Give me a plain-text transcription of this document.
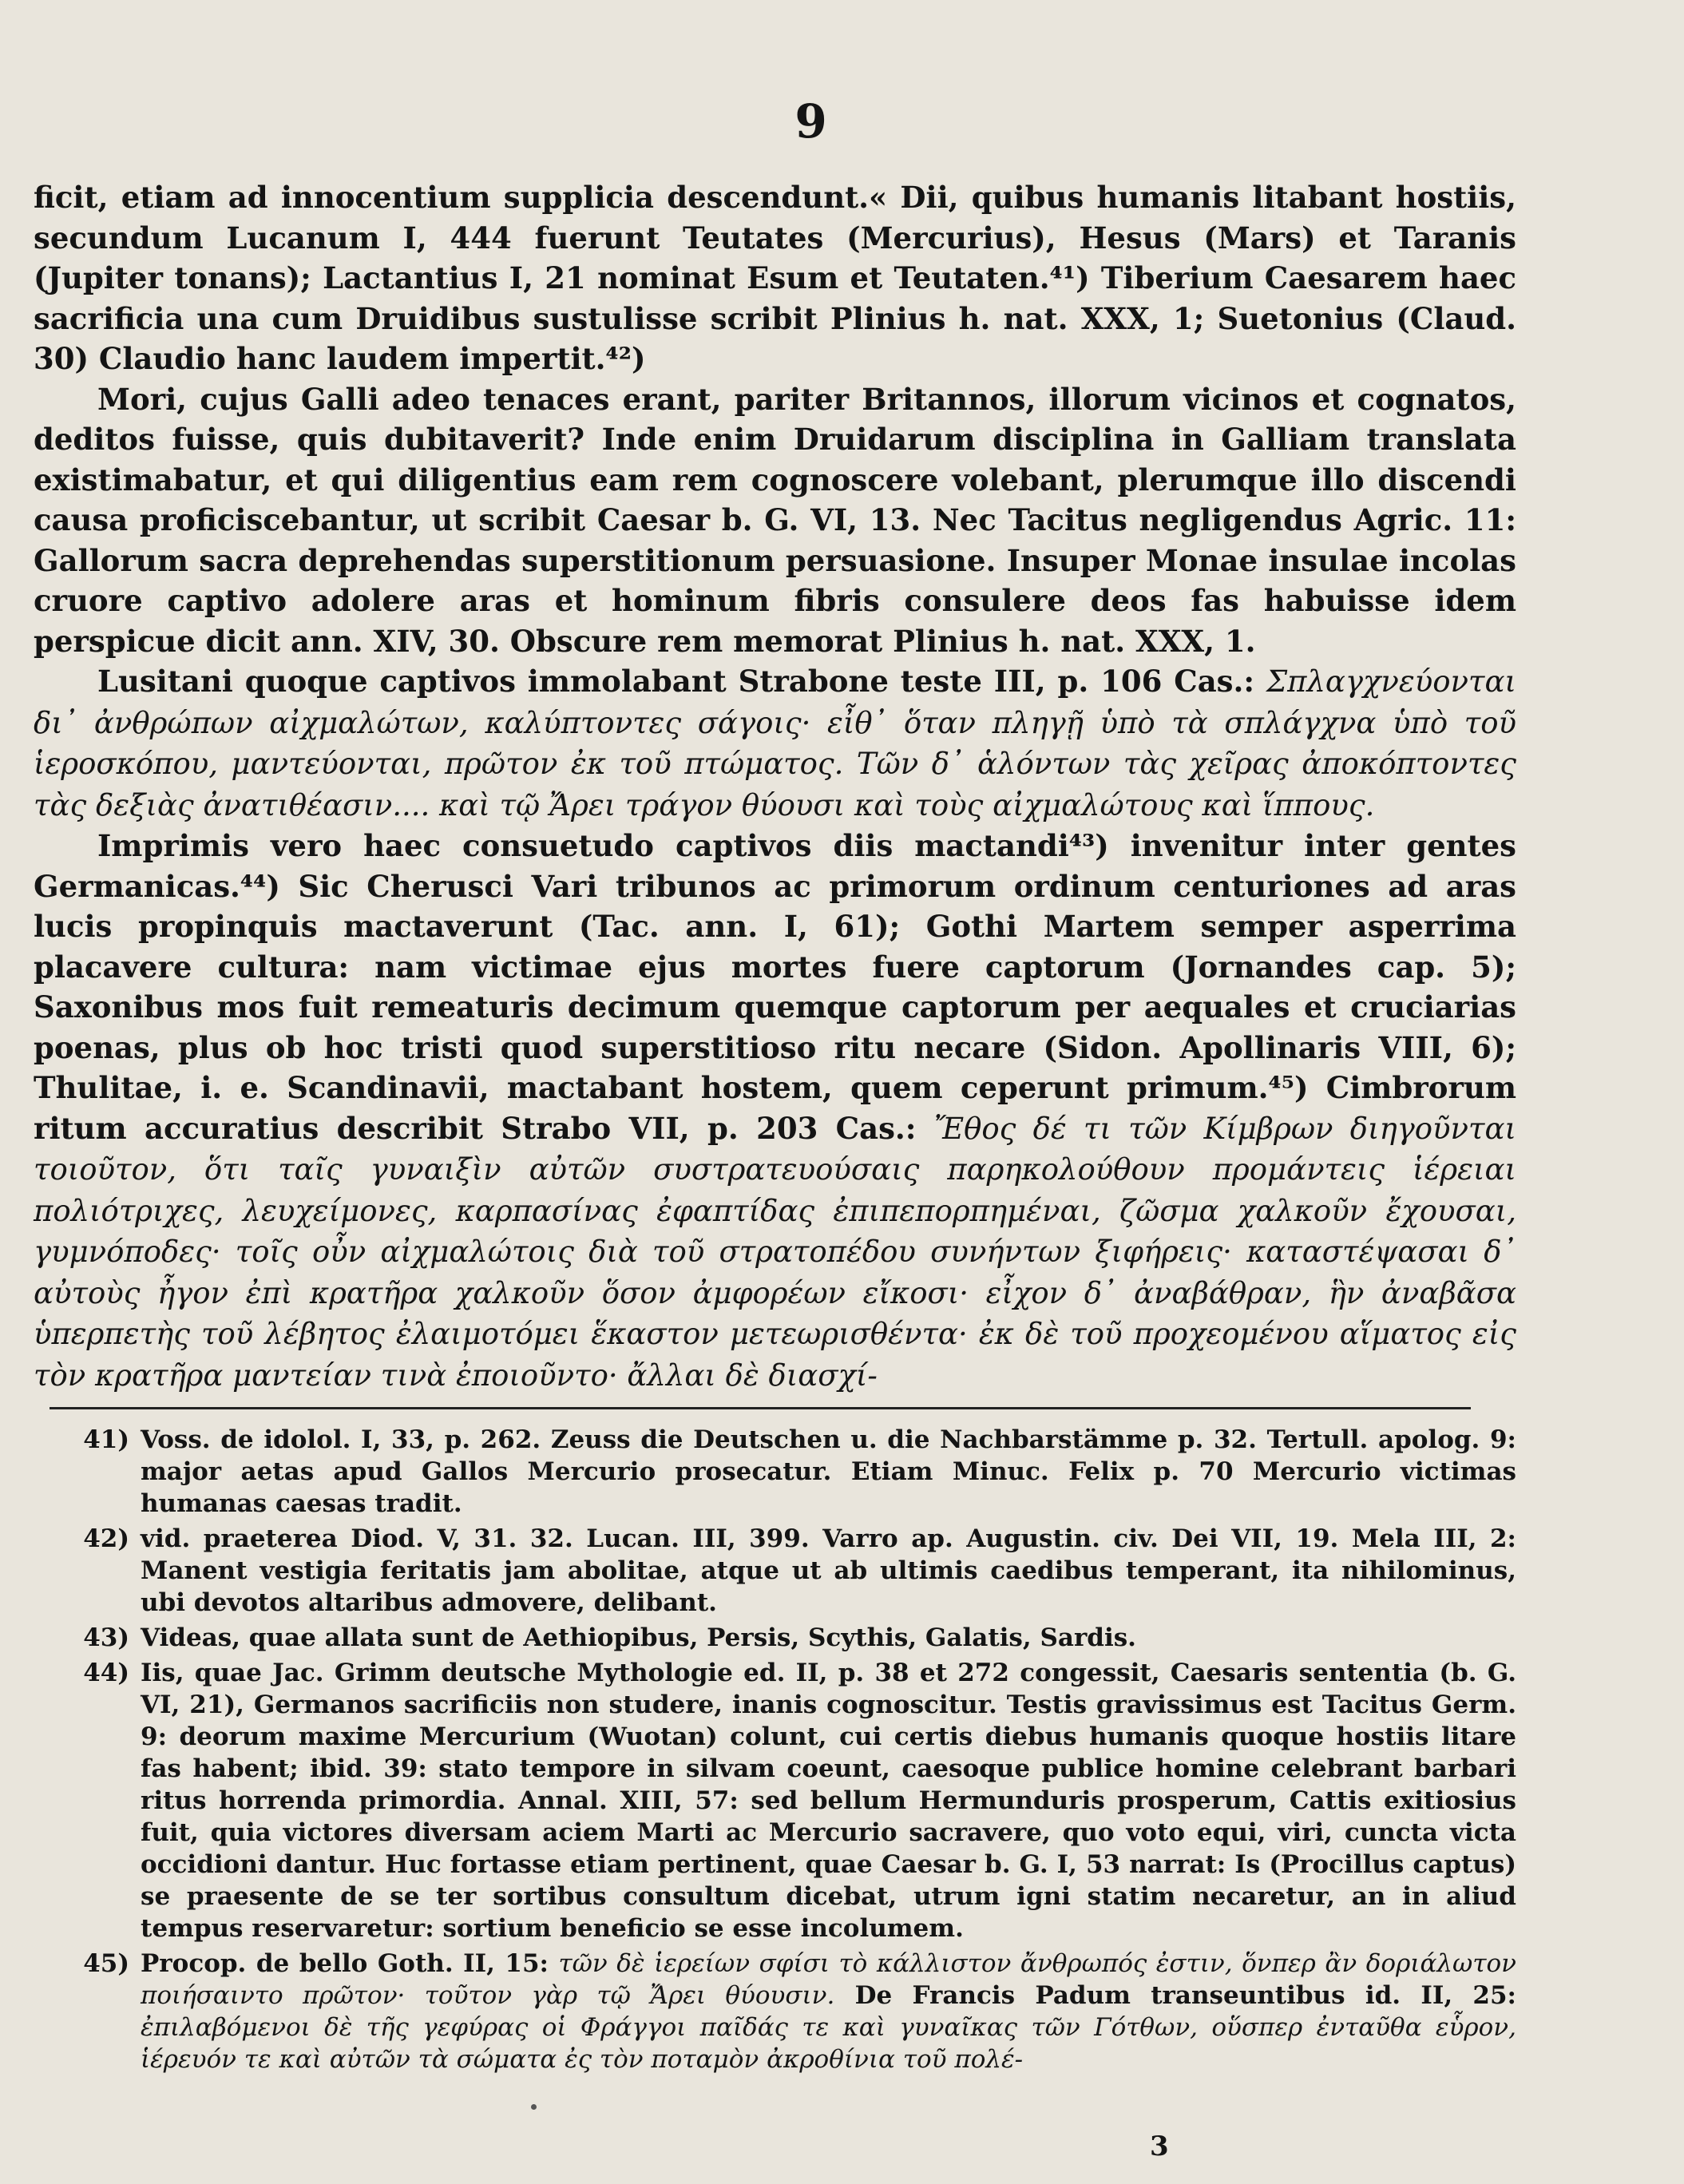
9

ficit, etiam ad innocentium supplicia descendunt.« Dii, quibus humanis litabant hostiis, secundum Lucanum I, 444 fuerunt Teutates (Mercurius), Hesus (Mars) et Taranis (Jupiter tonans); Lactantius I, 21 nominat Esum et Teutaten.⁴¹) Tiberium Caesarem haec sacrificia una cum Druidibus sustulisse scribit Plinius h. nat. XXX, 1; Suetonius (Claud. 30) Claudio hanc laudem impertit.⁴²)

Mori, cujus Galli adeo tenaces erant, pariter Britannos, illorum vicinos et cognatos, deditos fuisse, quis dubitaverit? Inde enim Druidarum disciplina in Galliam translata existimabatur, et qui diligentius eam rem cognoscere volebant, plerumque illo discendi causa proficiscebantur, ut scribit Caesar b. G. VI, 13. Nec Tacitus negligendus Agric. 11: Gallorum sacra deprehendas superstitionum persuasione. Insuper Monae insulae incolas cruore captivo adolere aras et hominum fibris consulere deos fas habuisse idem perspicue dicit ann. XIV, 30. Obscure rem memorat Plinius h. nat. XXX, 1.

Lusitani quoque captivos immolabant Strabone teste III, p. 106 Cas.: Σπλαγχνεύονται δι᾽ ἀνθρώπων αἰχμαλώτων, καλύπτοντες σάγοις· εἶθ᾽ ὅταν πληγῇ ὑπὸ τὰ σπλάγχνα ὑπὸ τοῦ ἱεροσκόπου, μαντεύονται, πρῶτον ἐκ τοῦ πτώματος. Τῶν δ᾽ ἁλόντων τὰς χεῖρας ἀποκόπτοντες τὰς δεξιὰς ἀνατιθέασιν.... καὶ τῷ Ἄρει τράγον θύουσι καὶ τοὺς αἰχμαλώτους καὶ ἵππους.

Imprimis vero haec consuetudo captivos diis mactandi⁴³) invenitur inter gentes Germanicas.⁴⁴) Sic Cherusci Vari tribunos ac primorum ordinum centuriones ad aras lucis propinquis mactaverunt (Tac. ann. I, 61); Gothi Martem semper asperrima placavere cultura: nam victimae ejus mortes fuere captorum (Jornandes cap. 5); Saxonibus mos fuit remeaturis decimum quemque captorum per aequales et cruciarias poenas, plus ob hoc tristi quod superstitioso ritu necare (Sidon. Apollinaris VIII, 6); Thulitae, i. e. Scandinavii, mactabant hostem, quem ceperunt primum.⁴⁵) Cimbrorum ritum accuratius describit Strabo VII, p. 203 Cas.: Ἔθος δέ τι τῶν Κίμβρων διηγοῦνται τοιοῦτον, ὅτι ταῖς γυναιξὶν αὐτῶν συστρατευούσαις παρηκολούθουν προμάντεις ἱέρειαι πολιότριχες, λευχείμονες, καρπασίνας ἐφαπτίδας ἐπιπεπορπημέναι, ζῶσμα χαλκοῦν ἔχουσαι, γυμνόποδες· τοῖς οὖν αἰχμαλώτοις διὰ τοῦ στρατοπέδου συνήντων ξιφήρεις· καταστέψασαι δ᾽ αὐτοὺς ἦγον ἐπὶ κρατῆρα χαλκοῦν ὅσον ἀμφορέων εἴκοσι· εἶχον δ᾽ ἀναβάθραν, ἣν ἀναβᾶσα ὑπερπετὴς τοῦ λέβητος ἐλαιμοτόμει ἕκαστον μετεωρισθέντα· ἐκ δὲ τοῦ προχεομένου αἵματος εἰς τὸν κρατῆρα μαντείαν τινὰ ἐποιοῦντο· ἄλλαι δὲ διασχί-

41) Voss. de idolol. I, 33, p. 262. Zeuss die Deutschen u. die Nachbarstämme p. 32. Tertull. apolog. 9: major aetas apud Gallos Mercurio prosecatur. Etiam Minuc. Felix p. 70 Mercurio victimas humanas caesas tradit.
42) vid. praeterea Diod. V, 31. 32. Lucan. III, 399. Varro ap. Augustin. civ. Dei VII, 19. Mela III, 2: Manent vestigia feritatis jam abolitae, atque ut ab ultimis caedibus temperant, ita nihilominus, ubi devotos altaribus admovere, delibant.
43) Videas, quae allata sunt de Aethiopibus, Persis, Scythis, Galatis, Sardis.
44) Iis, quae Jac. Grimm deutsche Mythologie ed. II, p. 38 et 272 congessit, Caesaris sententia (b. G. VI, 21), Germanos sacrificiis non studere, inanis cognoscitur. Testis gravissimus est Tacitus Germ. 9: deorum maxime Mercurium (Wuotan) colunt, cui certis diebus humanis quoque hostiis litare fas habent; ibid. 39: stato tempore in silvam coeunt, caesoque publice homine celebrant barbari ritus horrenda primordia. Annal. XIII, 57: sed bellum Hermunduris prosperum, Cattis exitiosius fuit, quia victores diversam aciem Marti ac Mercurio sacravere, quo voto equi, viri, cuncta victa occidioni dantur. Huc fortasse etiam pertinent, quae Caesar b. G. I, 53 narrat: Is (Procillus captus) se praesente de se ter sortibus consultum dicebat, utrum igni statim necaretur, an in aliud tempus reservaretur: sortium beneficio se esse incolumem.
45) Procop. de bello Goth. II, 15: τῶν δὲ ἱερείων σφίσι τὸ κάλλιστον ἄνθρωπός ἐστιν, ὅνπερ ἂν δοριάλωτον ποιήσαιντο πρῶτον· τοῦτον γὰρ τῷ Ἄρει θύουσιν. De Francis Padum transeuntibus id. II, 25: ἐπιλαβόμενοι δὲ τῆς γεφύρας οἱ Φράγγοι παῖδάς τε καὶ γυναῖκας τῶν Γότθων, οὕσπερ ἐνταῦθα εὗρον, ἱέρευόν τε καὶ αὐτῶν τὰ σώματα ἐς τὸν ποταμὸν ἀκροθίνια τοῦ πολέ-
3
